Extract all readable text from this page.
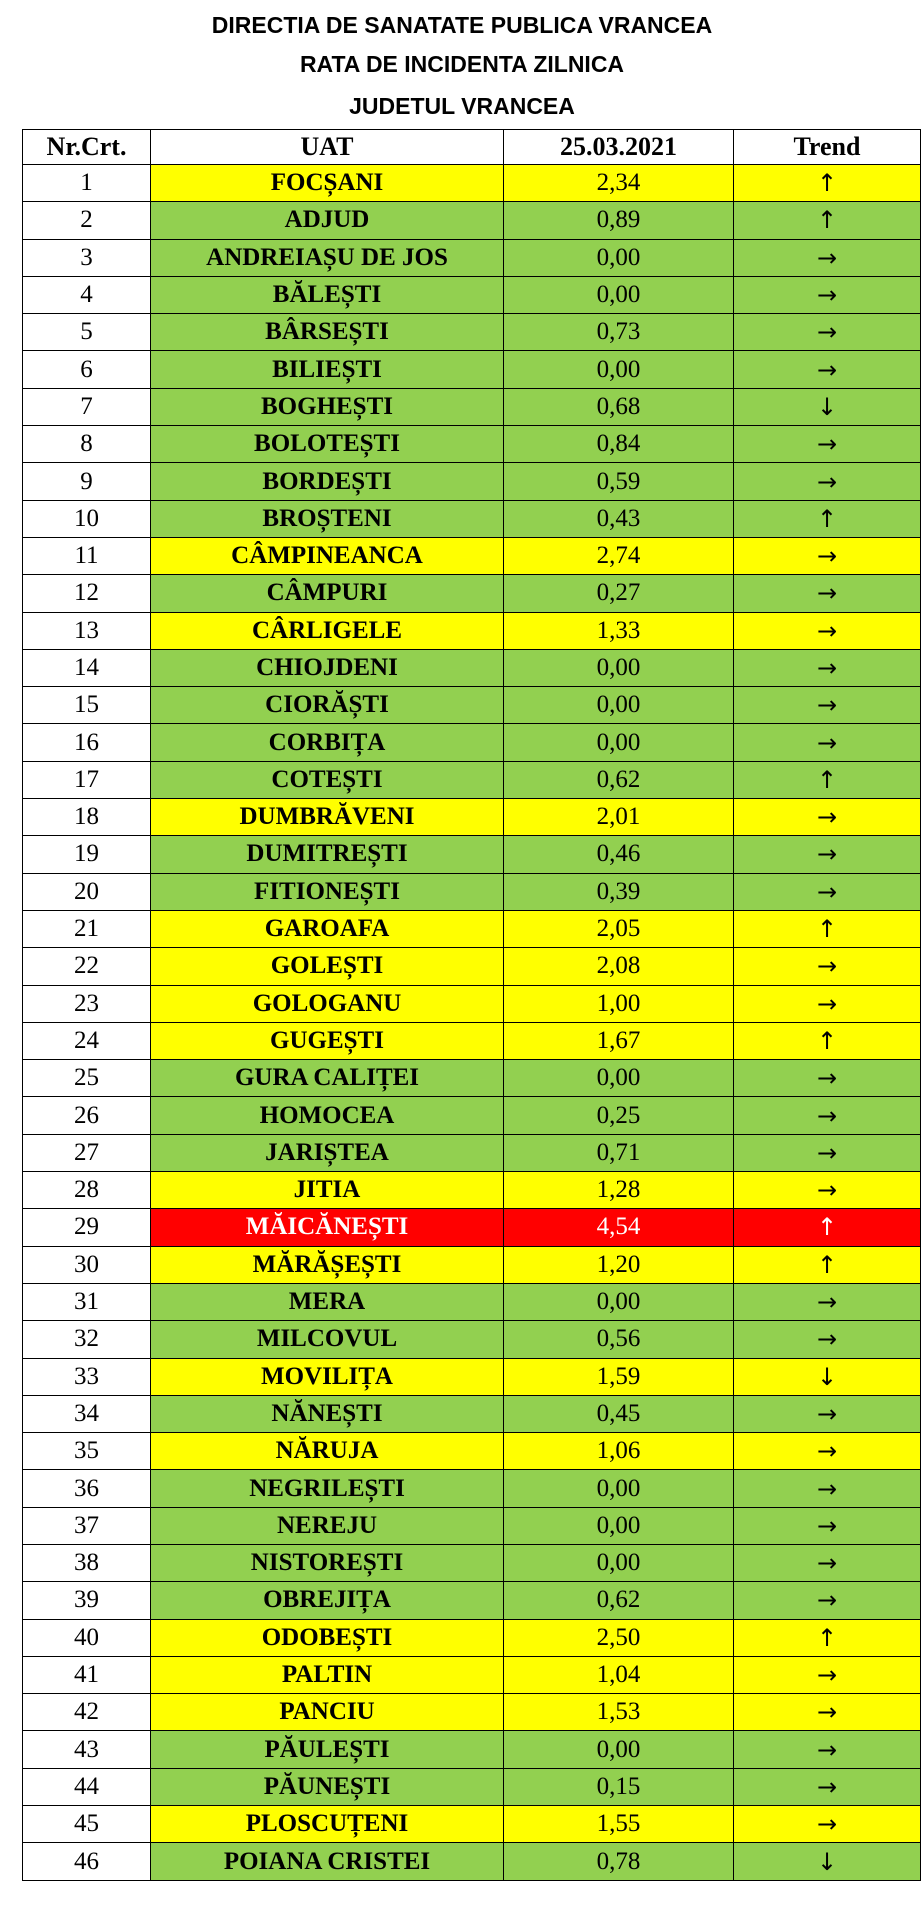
DIRECTIA DE SANATATE PUBLICA VRANCEA
RATA DE INCIDENTA ZILNICA
JUDETUL VRANCEA
Nr.Crt.	UAT	25.03.2021	Trend
1	FOCȘANI	2,34	↑
2	ADJUD	0,89	↑
3	ANDREIAȘU DE JOS	0,00	→
4	BĂLEȘTI	0,00	→
5	BÂRSEȘTI	0,73	→
6	BILIEȘTI	0,00	→
7	BOGHEȘTI	0,68	↓
8	BOLOTEȘTI	0,84	→
9	BORDEȘTI	0,59	→
10	BROȘTENI	0,43	↑
11	CÂMPINEANCA	2,74	→
12	CÂMPURI	0,27	→
13	CÂRLIGELE	1,33	→
14	CHIOJDENI	0,00	→
15	CIORĂȘTI	0,00	→
16	CORBIȚA	0,00	→
17	COTEȘTI	0,62	↑
18	DUMBRĂVENI	2,01	→
19	DUMITREȘTI	0,46	→
20	FITIONEȘTI	0,39	→
21	GAROAFA	2,05	↑
22	GOLEȘTI	2,08	→
23	GOLOGANU	1,00	→
24	GUGEȘTI	1,67	↑
25	GURA CALIȚEI	0,00	→
26	HOMOCEA	0,25	→
27	JARIȘTEA	0,71	→
28	JITIA	1,28	→
29	MĂICĂNEȘTI	4,54	↑
30	MĂRĂȘEȘTI	1,20	↑
31	MERA	0,00	→
32	MILCOVUL	0,56	→
33	MOVILIȚA	1,59	↓
34	NĂNEȘTI	0,45	→
35	NĂRUJA	1,06	→
36	NEGRILEȘTI	0,00	→
37	NEREJU	0,00	→
38	NISTOREȘTI	0,00	→
39	OBREJIȚA	0,62	→
40	ODOBEȘTI	2,50	↑
41	PALTIN	1,04	→
42	PANCIU	1,53	→
43	PĂULEȘTI	0,00	→
44	PĂUNEȘTI	0,15	→
45	PLOSCUȚENI	1,55	→
46	POIANA CRISTEI	0,78	↓
